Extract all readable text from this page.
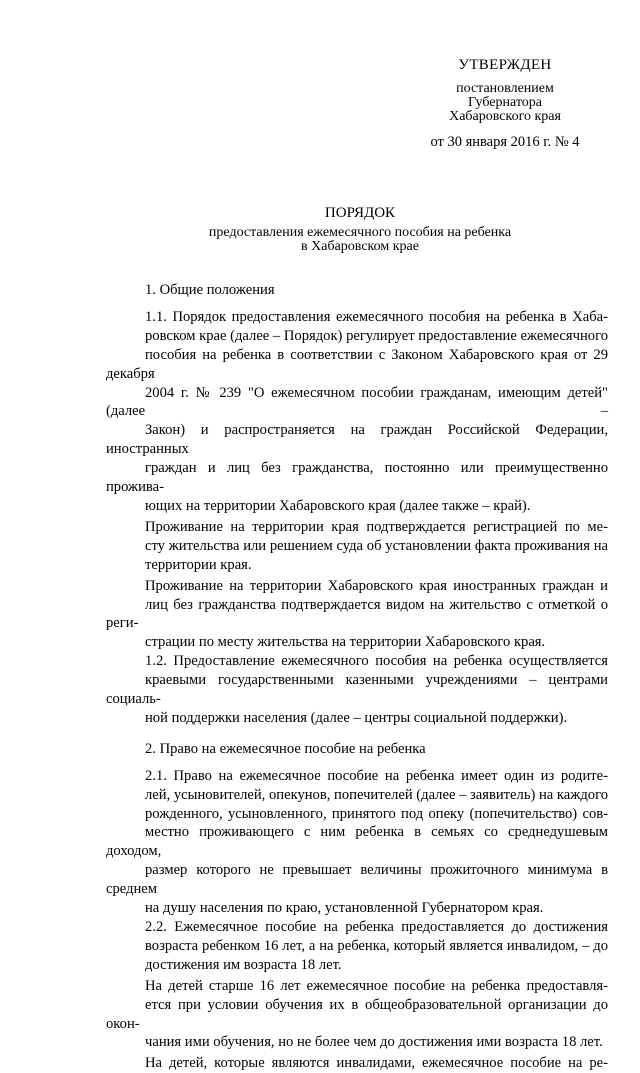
УТВЕРЖДЕН
постановлением
Губернатора
Хабаровского края
от 30 января 2016 г. № 4
ПОРЯДОК
предоставления ежемесячного пособия на ребенка
в Хабаровском крае

1. Общие положения

1.1. Порядок предоставления ежемесячного пособия на ребенка в Хаба-
ровском крае (далее – Порядок) регулирует предоставление ежемесячного
пособия на ребенка в соответствии с Законом Хабаровского края от 29 декабря
2004 г. № 239 "О ежемесячном пособии гражданам, имеющим детей" (далее –
Закон) и распространяется на граждан Российской Федерации, иностранных
граждан и лиц без гражданства, постоянно или преимущественно прожива-
ющих на территории Хабаровского края (далее также – край).

Проживание на территории края подтверждается регистрацией по ме-
сту жительства или решением суда об установлении факта проживания на
территории края.

Проживание на территории Хабаровского края иностранных граждан и
лиц без гражданства подтверждается видом на жительство с отметкой о реги-
страции по месту жительства на территории Хабаровского края.

1.2. Предоставление ежемесячного пособия на ребенка осуществляется
краевыми государственными казенными учреждениями – центрами социаль-
ной поддержки населения (далее – центры социальной поддержки).

2. Право на ежемесячное пособие на ребенка

2.1. Право на ежемесячное пособие на ребенка имеет один из родите-
лей, усыновителей, опекунов, попечителей (далее – заявитель) на каждого
рожденного, усыновленного, принятого под опеку (попечительство) сов-
местно проживающего с ним ребенка в семьях со среднедушевым доходом,
размер которого не превышает величины прожиточного минимума в среднем
на душу населения по краю, установленной Губернатором края.

2.2. Ежемесячное пособие на ребенка предоставляется до достижения
возраста ребенком 16 лет, а на ребенка, который является инвалидом, – до
достижения им возраста 18 лет.

На детей старше 16 лет ежемесячное пособие на ребенка предоставля-
ется при условии обучения их в общеобразовательной организации до окон-
чания ими обучения, но не более чем до достижения ими возраста 18 лет.

На детей, которые являются инвалидами, ежемесячное пособие на ре-
